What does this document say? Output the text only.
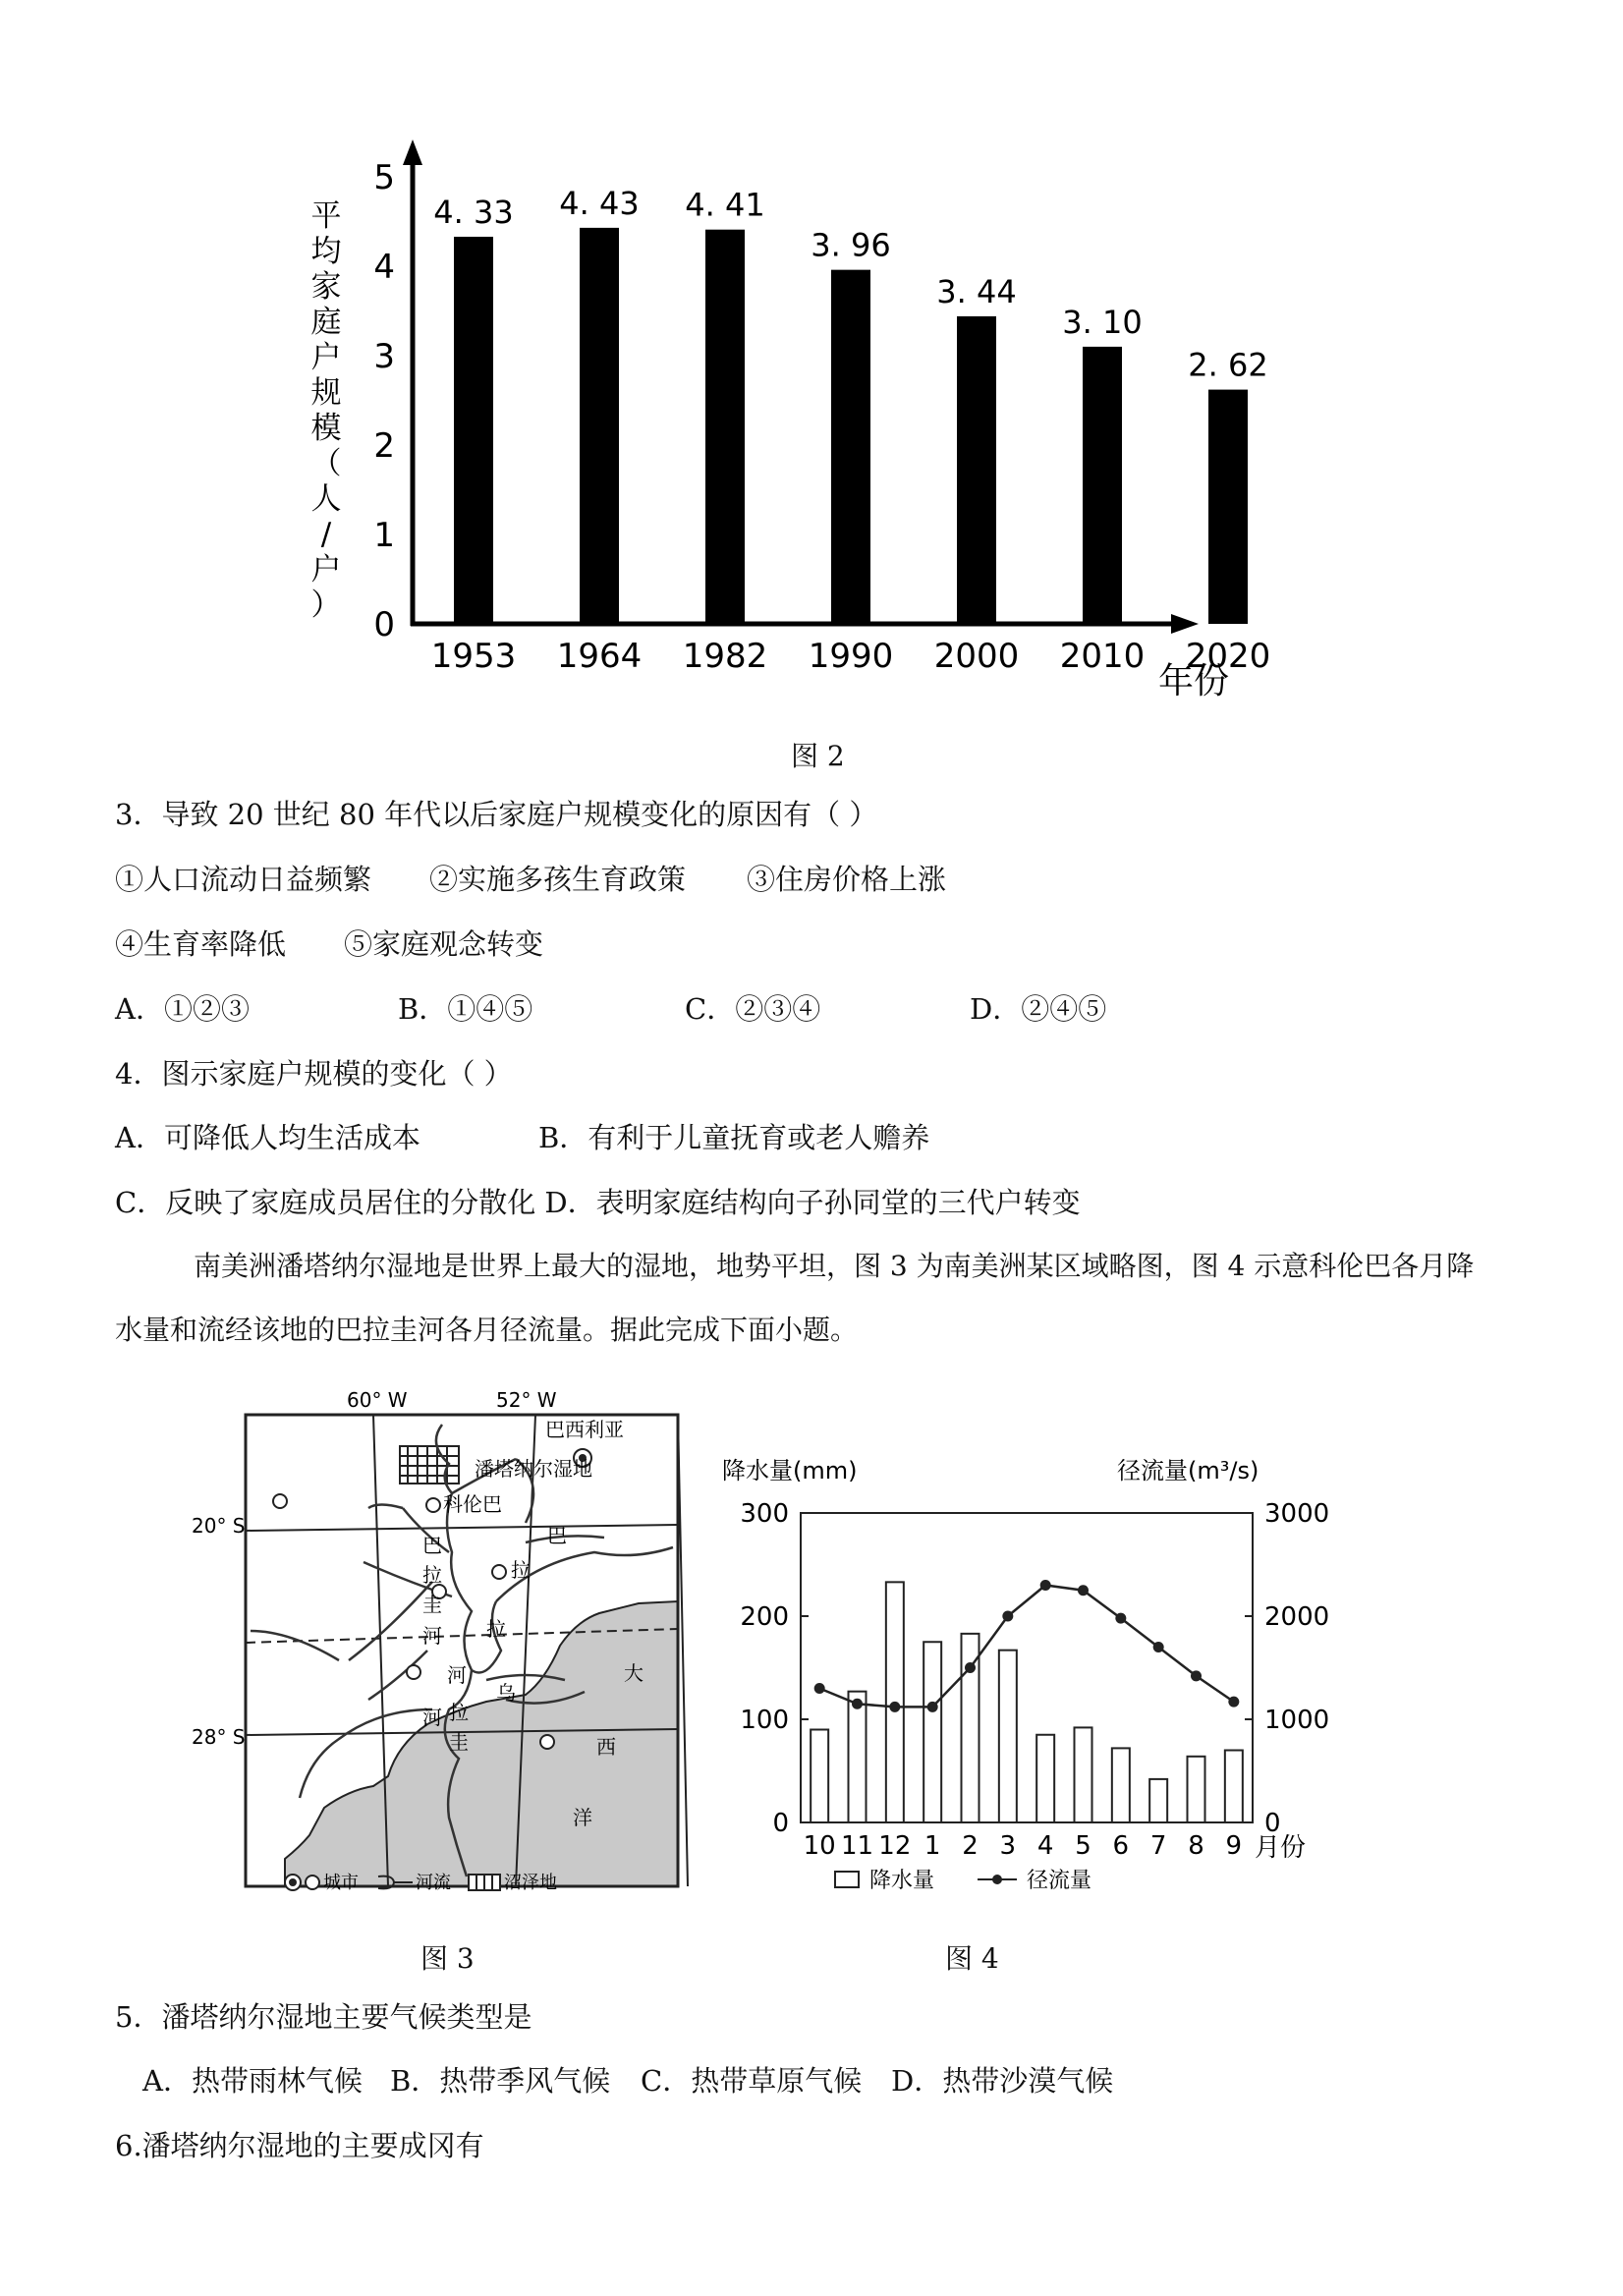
0
1
2
3
4
5
平
均
家
庭
户
规
模
（
人
/
户
）
4. 33
1953
4. 43
1964
4. 41
1982
3. 96
1990
3. 44
2000
3. 10
2010
2. 62
2020
年份
图 2
3．导致 20 世纪 80 年代以后家庭户规模变化的原因有（ ）
①人口流动日益频繁 ②实施多孩生育政策 ③住房价格上涨
④生育率降低 ⑤家庭观念转变
A．①②③	B．①④⑤	C．②③④	D．②④⑤
4．图示家庭户规模的变化（ ）
A．可降低人均生活成本	B．有利于儿童抚育或老人赡养
C．反映了家庭成员居住的分散化 D．表明家庭结构向子孙同堂的三代户转变
南美洲潘塔纳尔湿地是世界上最大的湿地，地势平坦，图 3 为南美洲某区域略图，图 4 示意科伦巴各月降
水量和流经该地的巴拉圭河各月径流量。据此完成下面小题。
60° W	52° W
20° S
28° S
巴西利亚
潘塔纳尔湿地
科伦巴
巴
拉
圭
河
巴
拉
拉
河
乌
拉
圭
河
大
西
洋
城市	河流	沼泽地
图 3
降水量(mm)	径流量(m³/s)
0
100
200
300
0
1000
2000
3000
10 11 12 1 2 3 4 5 6 7 8 9 月份
降水量	径流量
图 4
5．潘塔纳尔湿地主要气候类型是
A．热带雨林气候 B．热带季风气候 C．热带草原气候 D．热带沙漠气候
6.潘塔纳尔湿地的主要成冈有
